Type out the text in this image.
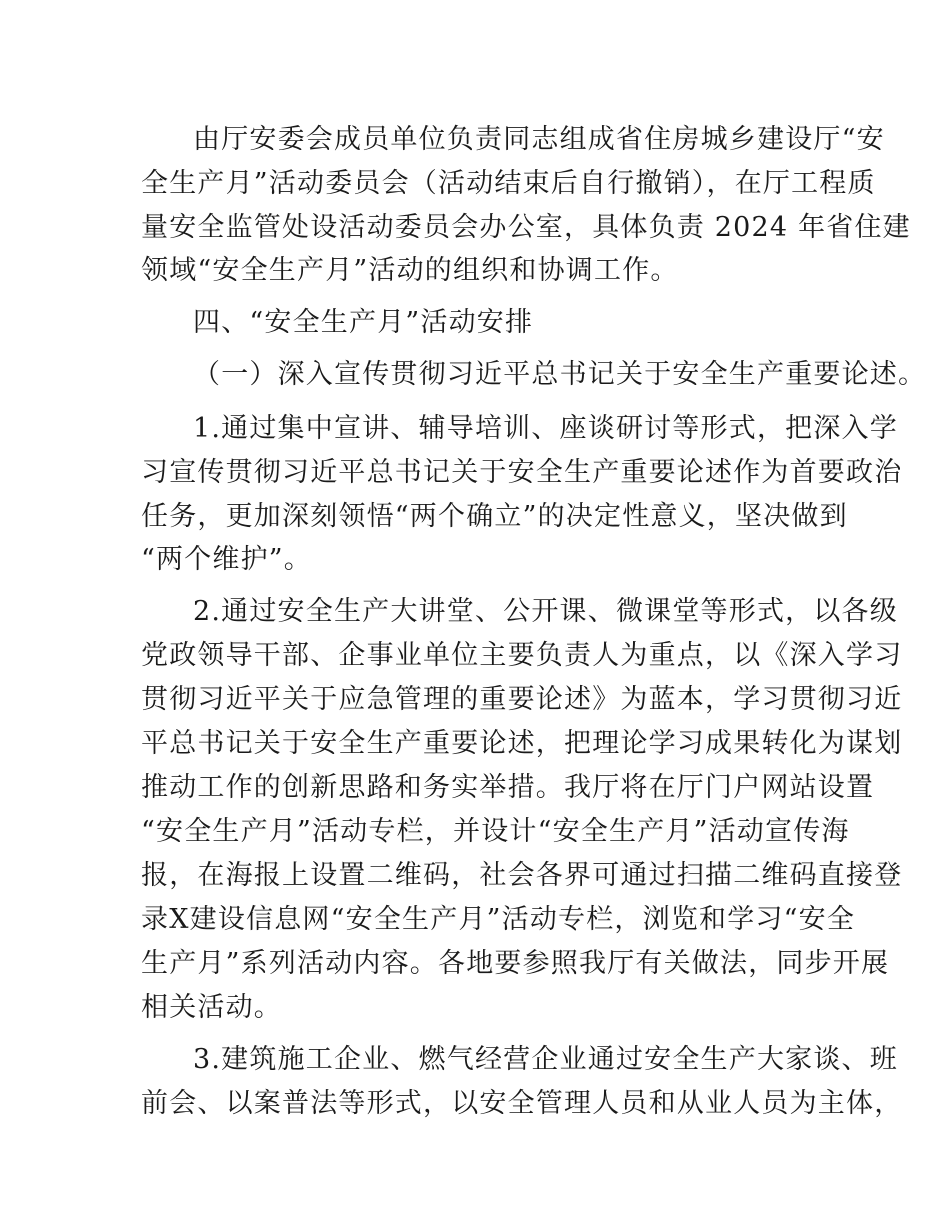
由厅安委会成员单位负责同志组成省住房城乡建设厅“安
全生产月”活动委员会（活动结束后自行撤销），在厅工程质
量安全监管处设活动委员会办公室，具体负责 2024 年省住建
领域“安全生产月”活动的组织和协调工作。
四、“安全生产月”活动安排
（一）深入宣传贯彻习近平总书记关于安全生产重要论述。
1.通过集中宣讲、辅导培训、座谈研讨等形式，把深入学
习宣传贯彻习近平总书记关于安全生产重要论述作为首要政治
任务，更加深刻领悟“两个确立”的决定性意义，坚决做到
“两个维护”。
2.通过安全生产大讲堂、公开课、微课堂等形式，以各级
党政领导干部、企事业单位主要负责人为重点，以《深入学习
贯彻习近平关于应急管理的重要论述》为蓝本，学习贯彻习近
平总书记关于安全生产重要论述，把理论学习成果转化为谋划
推动工作的创新思路和务实举措。我厅将在厅门户网站设置
“安全生产月”活动专栏，并设计“安全生产月”活动宣传海
报，在海报上设置二维码，社会各界可通过扫描二维码直接登
录X建设信息网“安全生产月”活动专栏，浏览和学习“安全
生产月”系列活动内容。各地要参照我厅有关做法，同步开展
相关活动。
3.建筑施工企业、燃气经营企业通过安全生产大家谈、班
前会、以案普法等形式，以安全管理人员和从业人员为主体，
